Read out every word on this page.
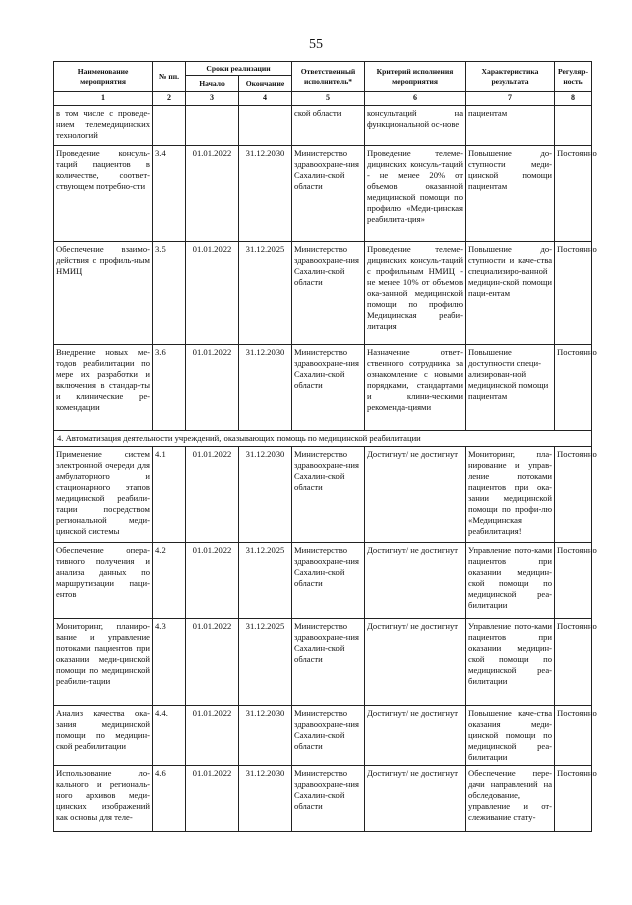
55
Наименование мероприятия	№ пп.	Сроки реализации		Ответственный исполнитель*	Критерий исполнения мероприятия	Характеристика результата	Регуляр-ность
		Начало	Окончание				
1	2	3	4	5	6	7	8
в том числе с проведе-нием телемедицинских технологий				ской области	консультаций на функциональной ос-нове	пациентам	
Проведение консуль-таций пациентов в количестве, соответ-ствующем потребно-сти	3.4	01.01.2022	31.12.2030	Министерство здравоохране-ния Сахалин-ской области	Проведение телеме-дицинских консуль-таций - не менее 20% от объемов оказанной медицинской помощи по профилю «Меди-цинская реабилита-ция»	Повышение до-ступности меди-цинской помощи пациентам	Постоянно
Обеспечение взаимо-действия с профиль-ным НМИЦ	3.5	01.01.2022	31.12.2025	Министерство здравоохране-ния Сахалин-ской области	Проведение телеме-дицинских консуль-таций с профильным НМИЦ - не менее 10% от объемов ока-занной медицинской помощи по профилю Медицинская реаби-литация	Повышение до-ступности и каче-ства специализиро-ванной медицин-ской помощи паци-ентам	Постоянно
Внедрение новых ме-тодов реабилитации по мере их разработки и включения в стандар-ты и клинические ре-комендации	3.6	01.01.2022	31.12.2030	Министерство здравоохране-ния Сахалин-ской области	Назначение ответ-ственного сотрудника за ознакомление с новыми порядками, стандартами и клини-ческими рекоменда-циями	Повышение доступности специ-ализирован-ной медицинской помощи пациентам	Постоянно
4. Автоматизация деятельности учреждений, оказывающих помощь по медицинской реабилитации							
Применение систем электронной очереди для амбулаторного и стационарного этапов медицинской реабили-тации посредством региональной меди-цинской системы	4.1	01.01.2022	31.12.2030	Министерство здравоохране-ния Сахалин-ской области	Достигнут/ не достигнут	Мониторинг, пла-нирование и управ-ление потоками пациентов при ока-зании медицинской помощи по профи-лю «Медицинская реабилитация!	Постоянно
Обеспечение опера-тивного получения и анализа данных по маршрутизации паци-ентов	4.2	01.01.2022	31.12.2025	Министерство здравоохране-ния Сахалин-ской области	Достигнут/ не достигнут	Управление пото-ками пациентов при оказании медицин-ской помощи по медицинской реа-билитации	Постоянно
Мониторинг, планиро-вание и управление потоками пациентов при оказании меди-цинской помощи по медицинской реабили-тации	4.3	01.01.2022	31.12.2025	Министерство здравоохране-ния Сахалин-ской области	Достигнут/ не достигнут	Управление пото-ками пациентов при оказании медицин-ской помощи по медицинской реа-билитации	Постоянно
Анализ качества ока-зания медицинской помощи по медицин-ской реабилитации	4.4.	01.01.2022	31.12.2030	Министерство здравоохране-ния Сахалин-ской области	Достигнут/ не достигнут	Повышение каче-ства оказания меди-цинской помощи по медицинской реа-билитации	Постоянно
Использование ло-кального и региональ-ного архивов меди-цинских изображений как основы для теле-	4.6	01.01.2022	31.12.2030	Министерство здравоохране-ния Сахалин-ской области	Достигнут/ не достигнут	Обеспечение пере-дачи направлений на обследование, управление и от-слеживание стату-	Постоянно
